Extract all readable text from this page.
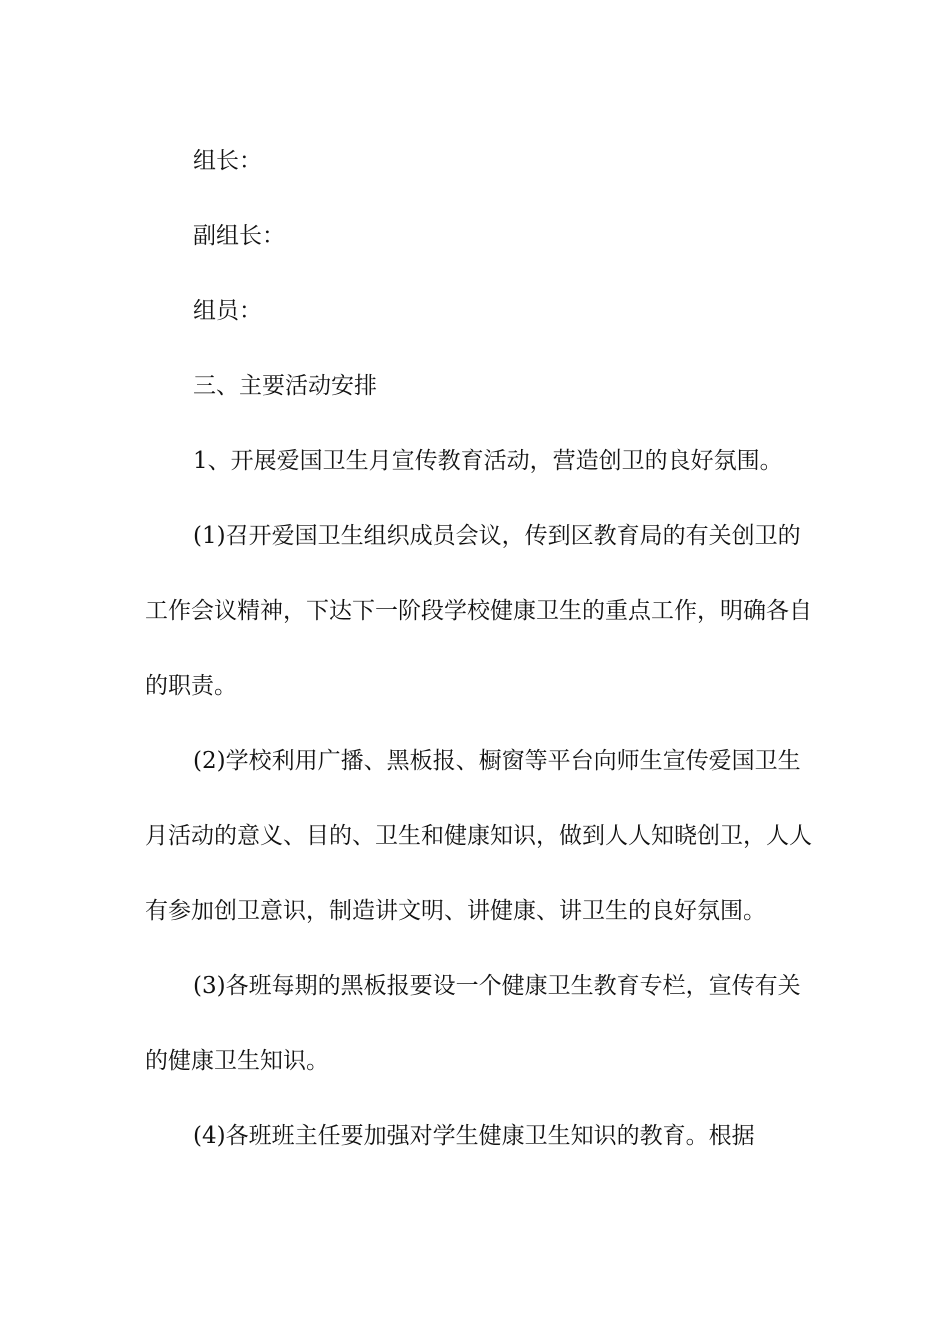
组长：

副组长：

组员：

三、主要活动安排

1、开展爱国卫生月宣传教育活动，营造创卫的良好氛围。

(1)召开爱国卫生组织成员会议，传到区教育局的有关创卫的工作会议精神，下达下一阶段学校健康卫生的重点工作，明确各自的职责。

(2)学校利用广播、黑板报、橱窗等平台向师生宣传爱国卫生月活动的意义、目的、卫生和健康知识，做到人人知晓创卫，人人有参加创卫意识，制造讲文明、讲健康、讲卫生的良好氛围。

(3)各班每期的黑板报要设一个健康卫生教育专栏，宣传有关的健康卫生知识。

(4)各班班主任要加强对学生健康卫生知识的教育。根据
